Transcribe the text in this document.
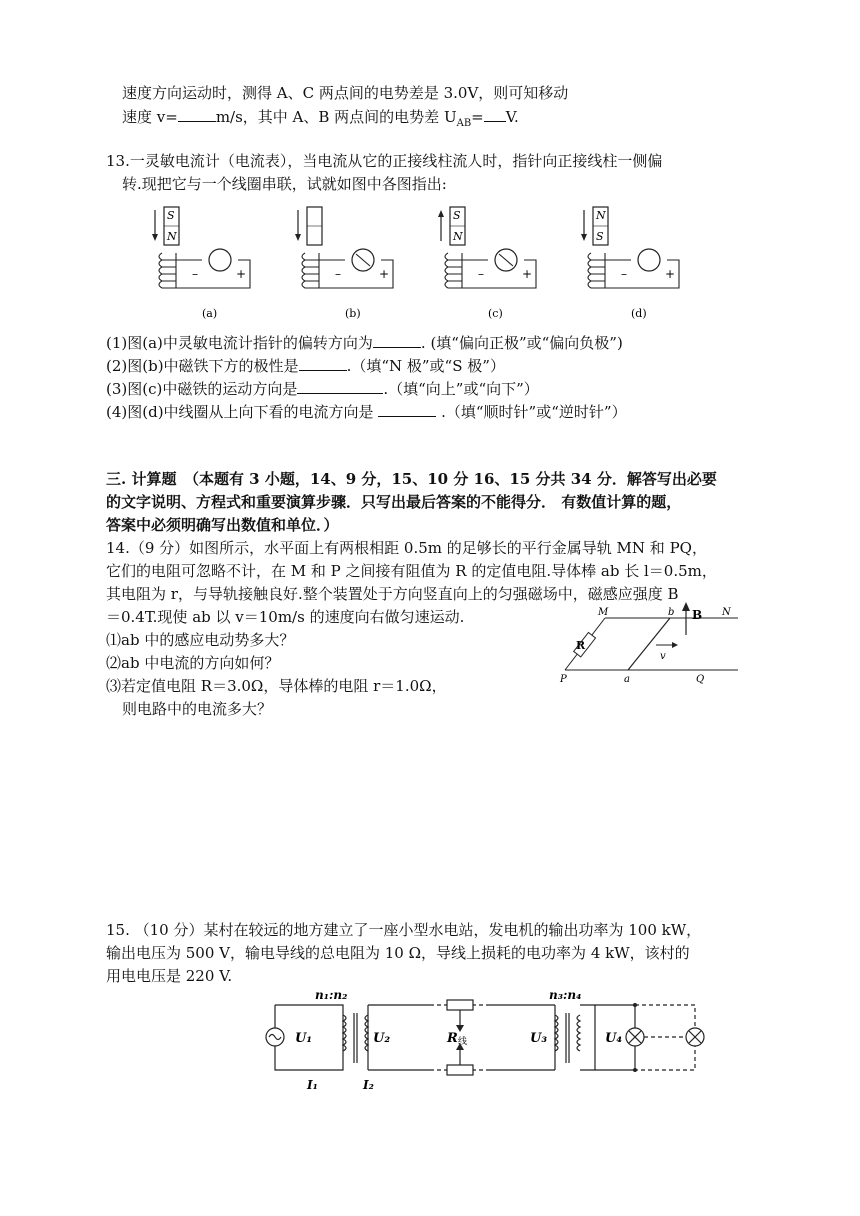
速度方向运动时，测得 A、C 两点间的电势差是 3.0V，则可知移动
速度 v=	m/s，其中 A、B 两点间的电势差 $U_{AB}= V$.
13.一灵敏电流计（电流表），当电流从它的正接线柱流人时，指针向正接线柱一侧偏
转.现把它与一个线圈串联，试就如图中各图指出:
S
N
–	+
(a)
–	+
(b)
S
N
–	+
(c)
N
S
–	+
(d)
(1)图(a)中灵敏电流计指针的偏转方向为	. (填“偏向正极”或“偏向负极”)
(2)图(b)中磁铁下方的极性是	.（填“N 极”或“S 极”）
(3)图(c)中磁铁的运动方向是	.（填“向上”或“向下”）
(4)图(d)中线圈从上向下看的电流方向是	.（填“顺时针”或“逆时针”）
三. 计算题　（本题有 3 小题，14、9 分，15、10 分 16、15 分共 34 分．解答写出必要
的文字说明、方程式和重要演算步骤．只写出最后答案的不能得分． 有数值计算的题，
答案中必须明确写出数值和单位．）
14.（9 分）如图所示，水平面上有两根相距 0.5m 的足够长的平行金属导轨 MN 和 PQ，
它们的电阻可忽略不计，在 M 和 P 之间接有阻值为 R 的定值电阻.导体棒 ab 长 l＝0.5m，
其电阻为 r，与导轨接触良好.整个装置处于方向竖直向上的匀强磁场中，磁感应强度 B
＝0.4T.现使 ab 以 v＝10m/s 的速度向右做匀速运动.
⑴ab 中的感应电动势多大？
⑵ab 中电流的方向如何？
⑶若定值电阻 R＝3.0Ω，导体棒的电阻 r＝1.0Ω，
则电路中的电流多大？
M	N
P	Q
a
b B
R
v
15. （10 分）某村在较远的地方建立了一座小型水电站，发电机的输出功率为 100 kW，
输出电压为 500 V，输电导线的总电阻为 10 Ω，导线上损耗的电功率为 4 kW，该村的
用电电压是 220 V.
n₁:n₂	n₃:n₄
U₁	U₂	U₃	U₄
I₁	I₂
R 线
